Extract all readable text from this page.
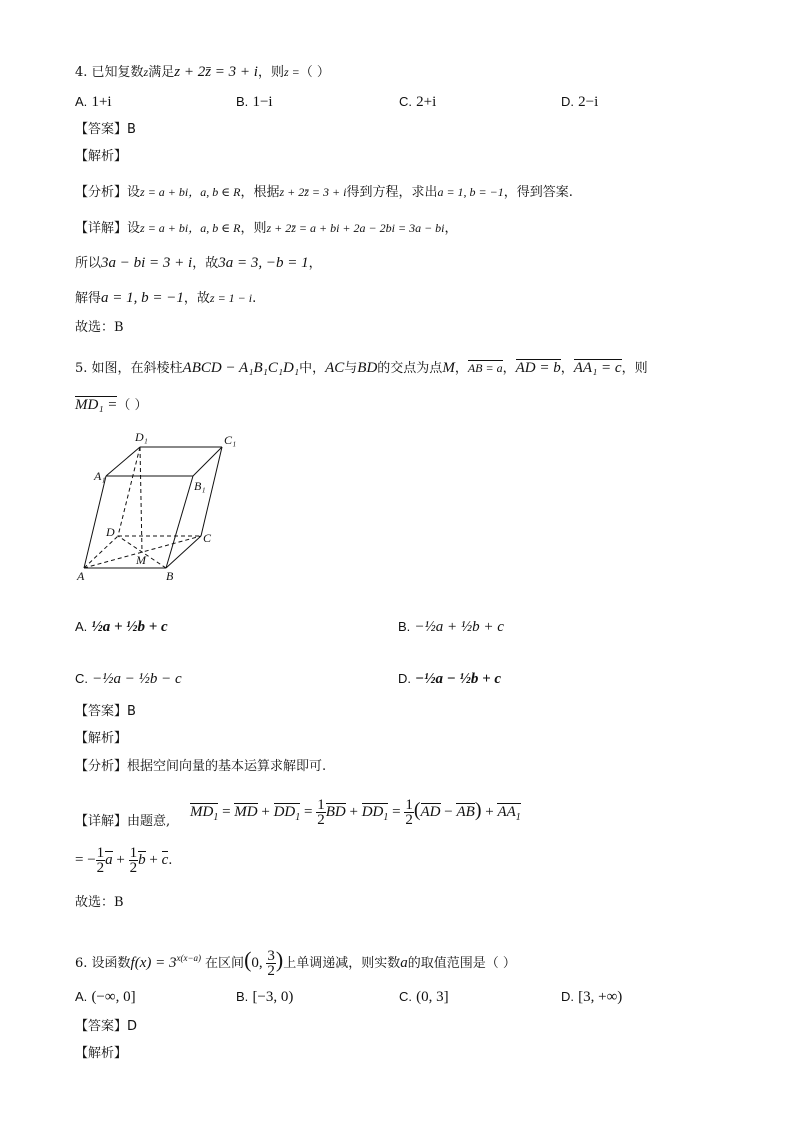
4. 已知复数z满足z + 2z̄ = 3 + i，则z =（ ）
A. 1+i	B. 1−i	C. 2+i	D. 2−i
【答案】B
【解析】
【分析】设z = a + bi，a, b ∈ R，根据z + 2z̄ = 3 + i得到方程，求出a = 1, b = −1，得到答案.
【详解】设z = a + bi，a, b ∈ R，则z + 2z̄ = a + bi + 2a − 2bi = 3a − bi，
所以3a − bi = 3 + i，故3a = 3, −b = 1，
解得a = 1, b = −1，故z = 1 − i.
故选：B
5. 如图，在斜棱柱ABCD − A₁B₁C₁D₁中，AC与BD的交点为点M，AB = a，AD = b，AA₁ = c，则
MD₁ =（ ）
D₁	C₁
A₁
B₁
D	C
M
A	B
A. ½a + ½b + c	B. −½a + ½b + c
C. −½a − ½b − c	D. −½a − ½b + c
【答案】B
【解析】
【分析】根据空间向量的基本运算求解即可.
$MD_1$ = MD + $DD_1 = \frac{1}{2}$ BD + $DD_1 = \frac{1}{2} (AD - AB) + AA_1$
【详解】由题意,
= − $\frac{1}{2}$ $a + \frac{1}{2}$ b + c.
故选：B
6. 设函数$f(x) = 3^{x(x-a)}$ 在区间(0, $\frac{3}{2}$ )上单调递减，则实数a的取值范围是（ ）
A. (−∞, 0]	B. [−3, 0)	C. (0, 3]	D. [3, +∞)
【答案】D
【解析】
